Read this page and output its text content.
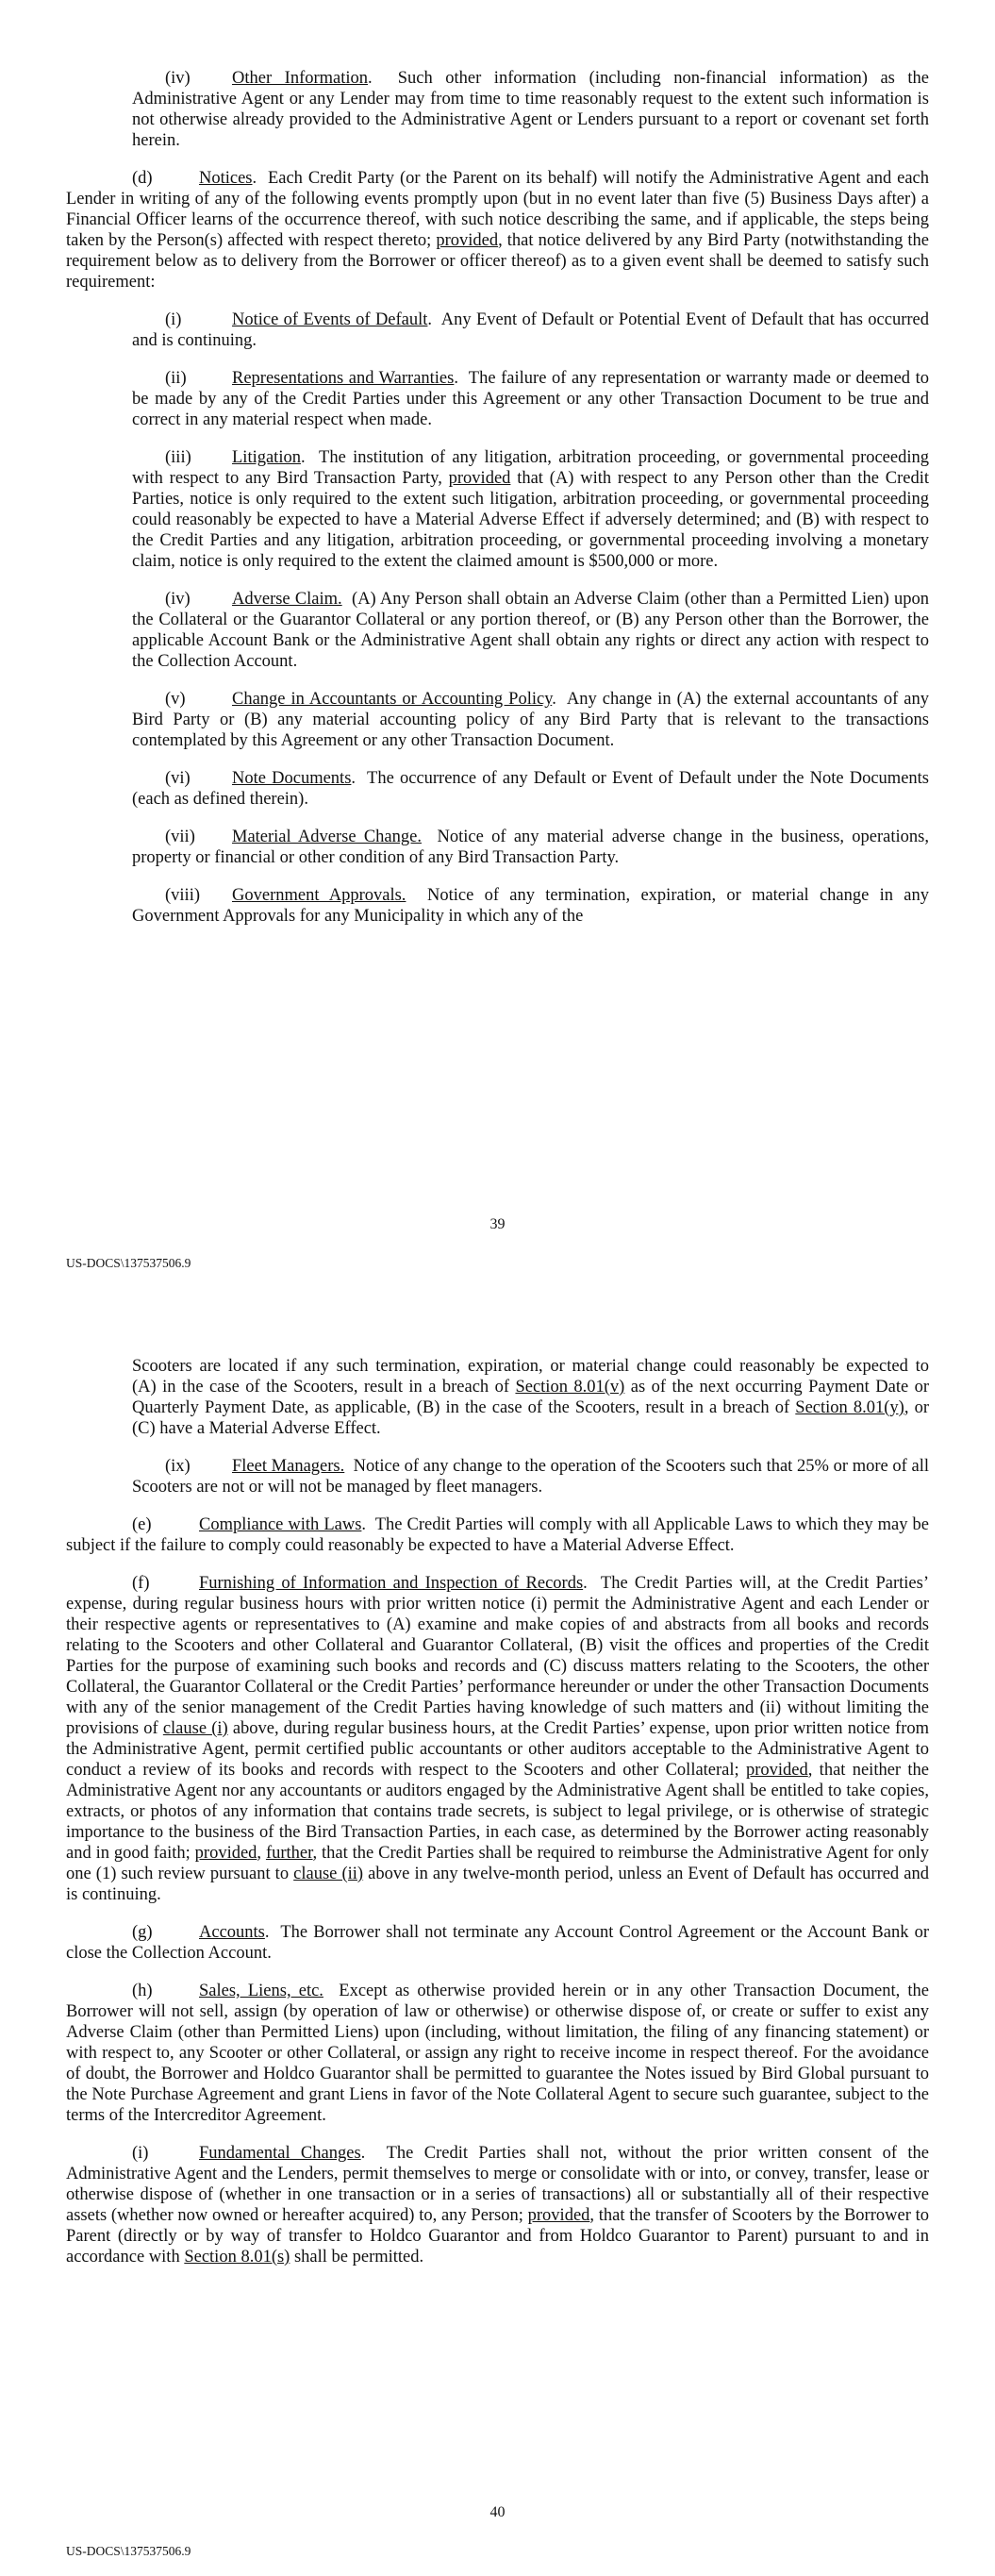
(iv) Other Information.  Such other information (including non-financial information) as the Administrative Agent or any Lender may from time to time reasonably request to the extent such information is not otherwise already provided to the Administrative Agent or Lenders pursuant to a report or covenant set forth herein.

(d)	Notices.  Each Credit Party (or the Parent on its behalf) will notify the Administrative Agent and each Lender in writing of any of the following events promptly upon (but in no event later than five (5) Business Days after) a Financial Officer learns of the occurrence thereof, with such notice describing the same, and if applicable, the steps being taken by the Person(s) affected with respect thereto; provided, that notice delivered by any Bird Party (notwithstanding the requirement below as to delivery from the Borrower or officer thereof) as to a given event shall be deemed to satisfy such requirement:

(i)	Notice of Events of Default.  Any Event of Default or Potential Event of Default that has occurred and is continuing.

(ii)	Representations and Warranties.  The failure of any representation or warranty made or deemed to be made by any of the Credit Parties under this Agreement or any other Transaction Document to be true and correct in any material respect when made.

(iii) Litigation.  The institution of any litigation, arbitration proceeding, or governmental proceeding with respect to any Bird Transaction Party, provided that (A) with respect to any Person other than the Credit Parties, notice is only required to the extent such litigation, arbitration proceeding, or governmental proceeding could reasonably be expected to have a Material Adverse Effect if adversely determined; and (B) with respect to the Credit Parties and any litigation, arbitration proceeding, or governmental proceeding involving a monetary claim, notice is only required to the extent the claimed amount is $500,000 or more.

(iv) Adverse Claim.  (A) Any Person shall obtain an Adverse Claim (other than a Permitted Lien) upon the Collateral or the Guarantor Collateral or any portion thereof, or (B) any Person other than the Borrower, the applicable Account Bank or the Administrative Agent shall obtain any rights or direct any action with respect to the Collection Account.

(v)	Change in Accountants or Accounting Policy.  Any change in (A) the external accountants of any Bird Party or (B) any material accounting policy of any Bird Party that is relevant to the transactions contemplated by this Agreement or any other Transaction Document.

(vi) Note Documents.  The occurrence of any Default or Event of Default under the Note Documents (each as defined therein).

(vii) Material Adverse Change.  Notice of any material adverse change in the business, operations, property or financial or other condition of any Bird Transaction Party.

(viii) Government Approvals.  Notice of any termination, expiration, or material change in any Government Approvals for any Municipality in which any of the

39
US-DOCS\137537506.9

Scooters are located if any such termination, expiration, or material change could reasonably be expected to (A) in the case of the Scooters, result in a breach of Section 8.01(v) as of the next occurring Payment Date or Quarterly Payment Date, as applicable, (B) in the case of the Scooters, result in a breach of Section 8.01(y), or (C) have a Material Adverse Effect.

(ix) Fleet Managers.  Notice of any change to the operation of the Scooters such that 25% or more of all Scooters are not or will not be managed by fleet managers.

(e)	Compliance with Laws.  The Credit Parties will comply with all Applicable Laws to which they may be subject if the failure to comply could reasonably be expected to have a Material Adverse Effect.

(f)	Furnishing of Information and Inspection of Records.  The Credit Parties will, at the Credit Parties’ expense, during regular business hours with prior written notice (i) permit the Administrative Agent and each Lender or their respective agents or representatives to (A) examine and make copies of and abstracts from all books and records relating to the Scooters and other Collateral and Guarantor Collateral, (B) visit the offices and properties of the Credit Parties for the purpose of examining such books and records and (C) discuss matters relating to the Scooters, the other Collateral, the Guarantor Collateral or the Credit Parties’ performance hereunder or under the other Transaction Documents with any of the senior management of the Credit Parties having knowledge of such matters and (ii) without limiting the provisions of clause (i) above, during regular business hours, at the Credit Parties’ expense, upon prior written notice from the Administrative Agent, permit certified public accountants or other auditors acceptable to the Administrative Agent to conduct a review of its books and records with respect to the Scooters and other Collateral; provided, that neither the Administrative Agent nor any accountants or auditors engaged by the Administrative Agent shall be entitled to take copies, extracts, or photos of any information that contains trade secrets, is subject to legal privilege, or is otherwise of strategic importance to the business of the Bird Transaction Parties, in each case, as determined by the Borrower acting reasonably and in good faith; provided, further, that the Credit Parties shall be required to reimburse the Administrative Agent for only one (1) such review pursuant to clause (ii) above in any twelve-month period, unless an Event of Default has occurred and is continuing.

(g)	Accounts.  The Borrower shall not terminate any Account Control Agreement or the Account Bank or close the Collection Account.

(h)	Sales, Liens, etc.  Except as otherwise provided herein or in any other Transaction Document, the Borrower will not sell, assign (by operation of law or otherwise) or otherwise dispose of, or create or suffer to exist any Adverse Claim (other than Permitted Liens) upon (including, without limitation, the filing of any financing statement) or with respect to, any Scooter or other Collateral, or assign any right to receive income in respect thereof. For the avoidance of doubt, the Borrower and Holdco Guarantor shall be permitted to guarantee the Notes issued by Bird Global pursuant to the Note Purchase Agreement and grant Liens in favor of the Note Collateral Agent to secure such guarantee, subject to the terms of the Intercreditor Agreement.

(i)	Fundamental Changes.  The Credit Parties shall not, without the prior written consent of the Administrative Agent and the Lenders, permit themselves to merge or consolidate with or into, or convey, transfer, lease or otherwise dispose of (whether in one transaction or in a series of transactions) all or substantially all of their respective assets (whether now owned or hereafter acquired) to, any Person; provided, that the transfer of Scooters by the Borrower to Parent (directly or by way of transfer to Holdco Guarantor and from Holdco Guarantor to Parent) pursuant to and in accordance with Section 8.01(s) shall be permitted.

40
US-DOCS\137537506.9
